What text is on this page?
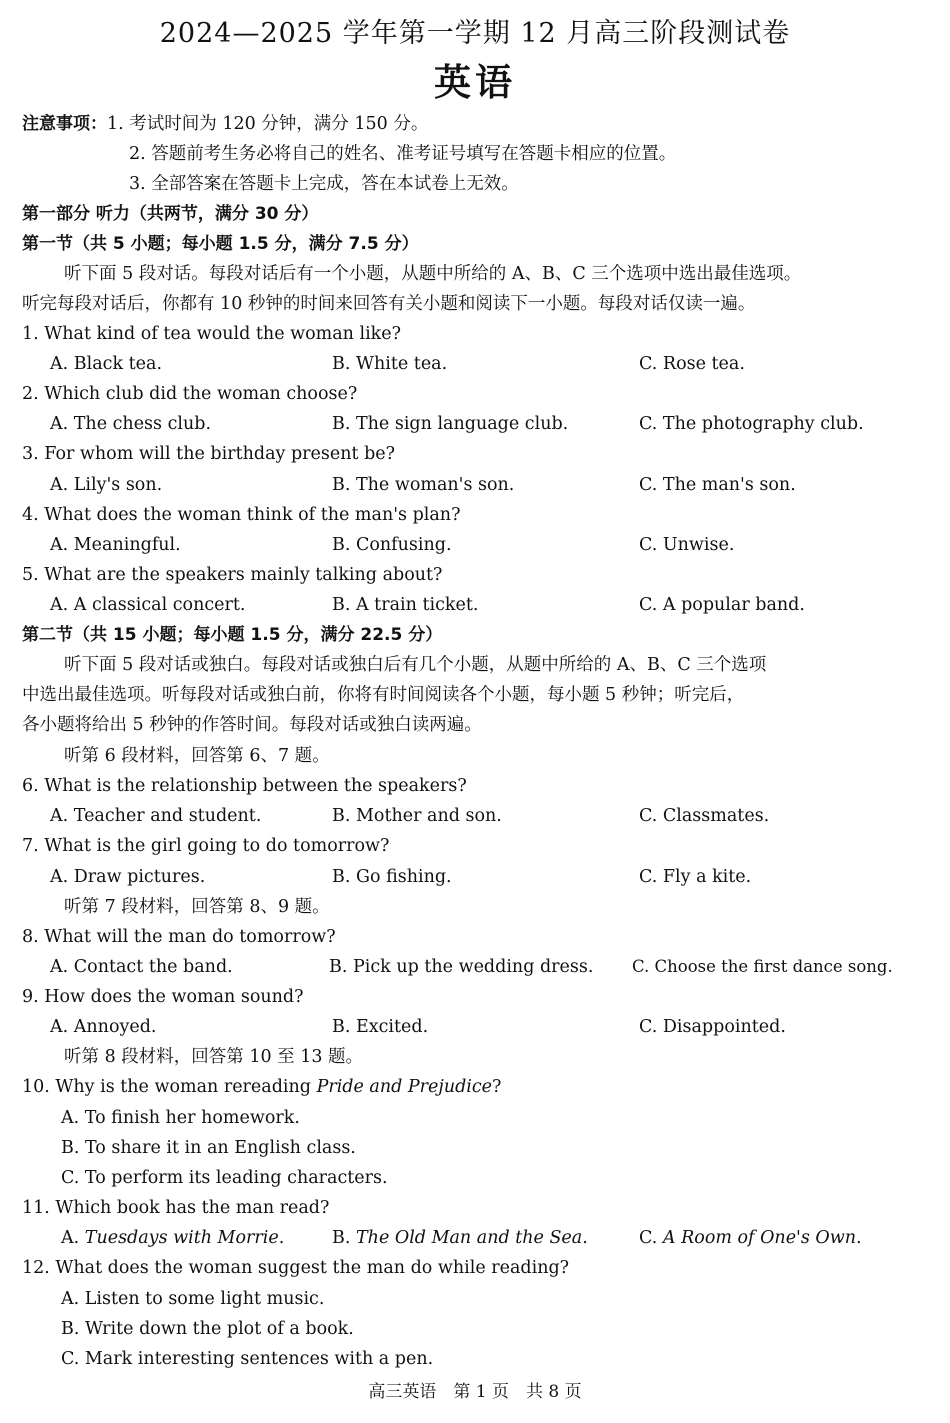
2024—2025 学年第一学期 12 月高三阶段测试卷
英语
注意事项：1. 考试时间为 120 分钟，满分 150 分。
2. 答题前考生务必将自己的姓名、准考证号填写在答题卡相应的位置。
3. 全部答案在答题卡上完成，答在本试卷上无效。
第一部分 听力（共两节，满分 30 分）
第一节（共 5 小题；每小题 1.5 分，满分 7.5 分）
听下面 5 段对话。每段对话后有一个小题，从题中所给的 A、B、C 三个选项中选出最佳选项。
听完每段对话后，你都有 10 秒钟的时间来回答有关小题和阅读下一小题。每段对话仅读一遍。
1. What kind of tea would the woman like?
A. Black tea.	B. White tea.	C. Rose tea.
2. Which club did the woman choose?
A. The chess club.	B. The sign language club.	C. The photography club.
3. For whom will the birthday present be?
A. Lily's son.	B. The woman's son.	C. The man's son.
4. What does the woman think of the man's plan?
A. Meaningful.	B. Confusing.	C. Unwise.
5. What are the speakers mainly talking about?
A. A classical concert.	B. A train ticket.	C. A popular band.
第二节（共 15 小题；每小题 1.5 分，满分 22.5 分）
听下面 5 段对话或独白。每段对话或独白后有几个小题，从题中所给的 A、B、C 三个选项
中选出最佳选项。听每段对话或独白前，你将有时间阅读各个小题，每小题 5 秒钟；听完后，
各小题将给出 5 秒钟的作答时间。每段对话或独白读两遍。
听第 6 段材料，回答第 6、7 题。
6. What is the relationship between the speakers?
A. Teacher and student.	B. Mother and son.	C. Classmates.
7. What is the girl going to do tomorrow?
A. Draw pictures.	B. Go fishing.	C. Fly a kite.
听第 7 段材料，回答第 8、9 题。
8. What will the man do tomorrow?
A. Contact the band.	B. Pick up the wedding dress. C. Choose the first dance song.
9. How does the woman sound?
A. Annoyed.	B. Excited.	C. Disappointed.
听第 8 段材料，回答第 10 至 13 题。
10. Why is the woman rereading Pride and Prejudice?
A. To finish her homework.
B. To share it in an English class.
C. To perform its leading characters.
11. Which book has the man read?
A. Tuesdays with Morrie.	B. The Old Man and the Sea.	C. A Room of One's Own.
12. What does the woman suggest the man do while reading?
A. Listen to some light music.
B. Write down the plot of a book.
C. Mark interesting sentences with a pen.
高三英语　第 1 页　共 8 页
